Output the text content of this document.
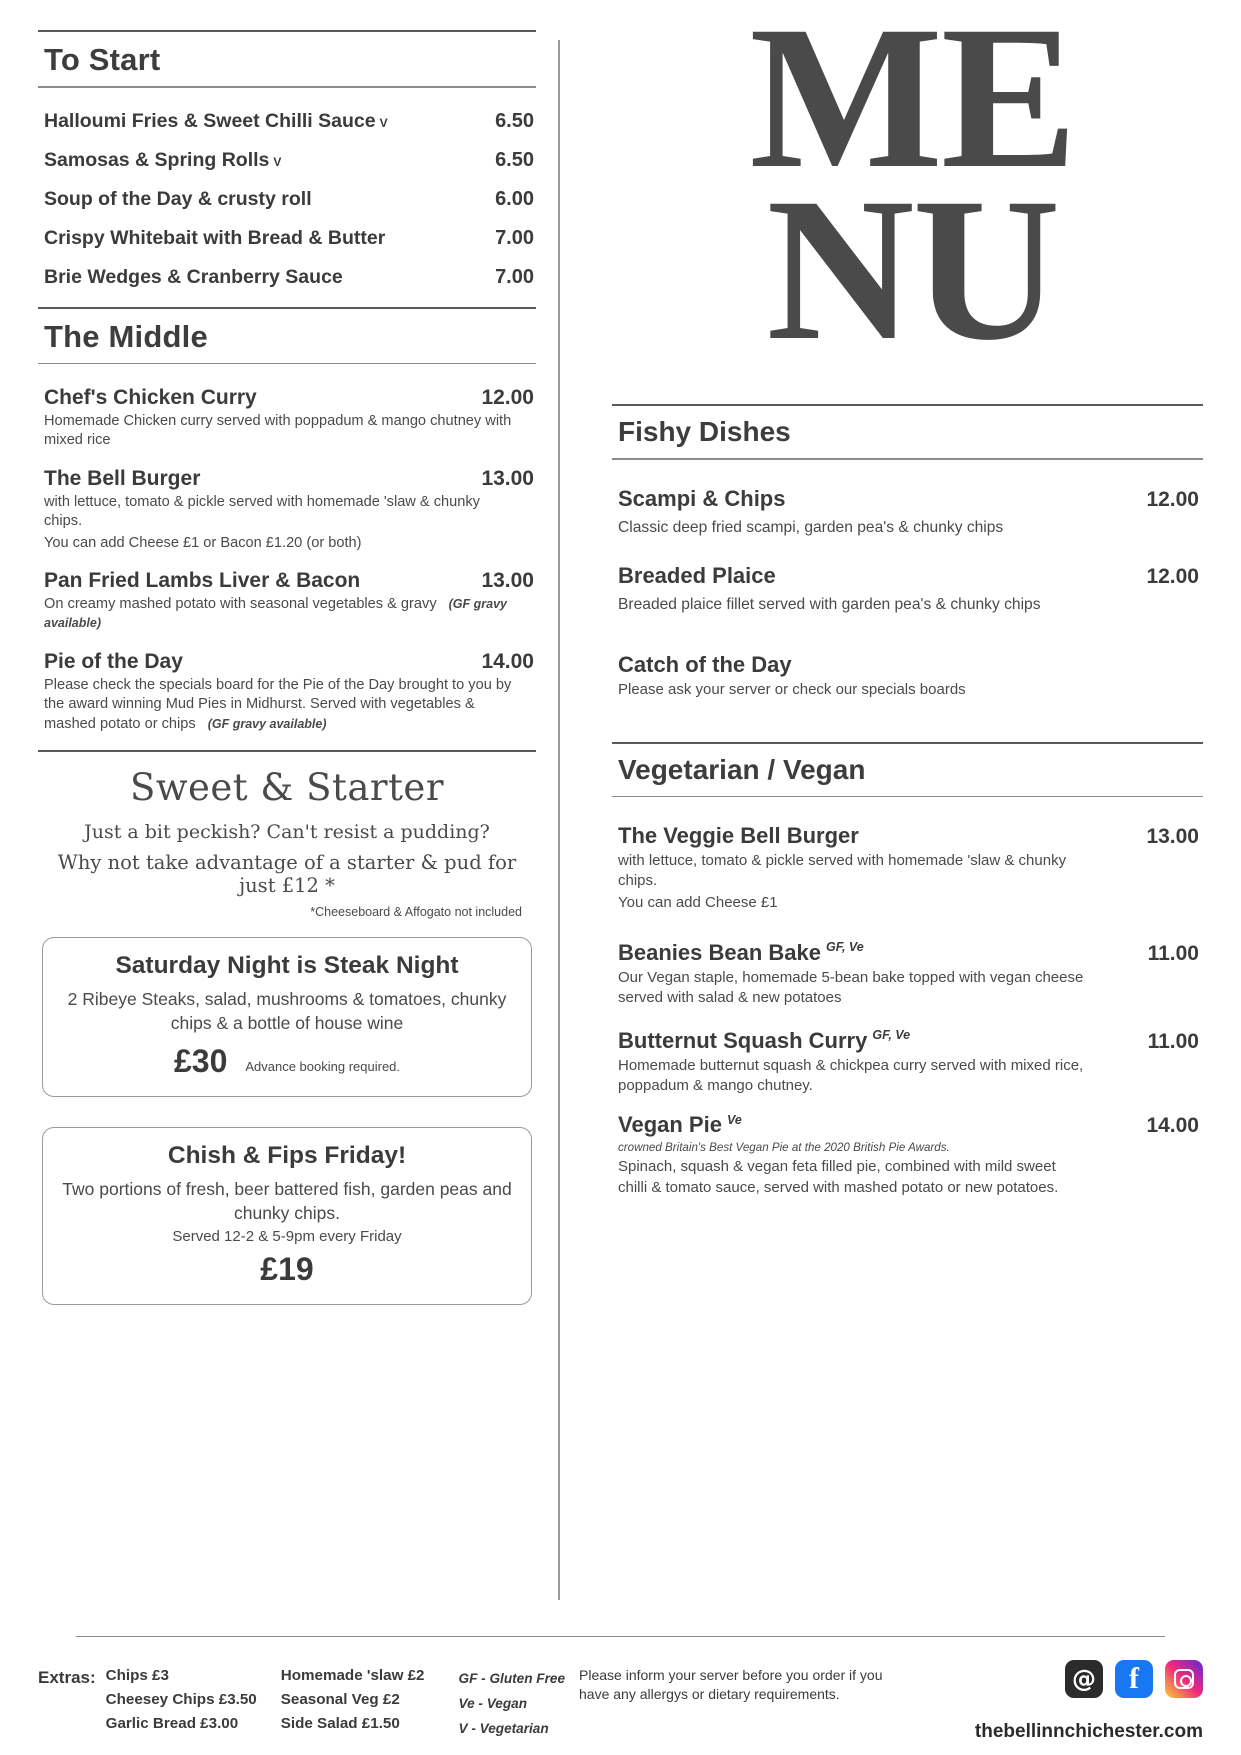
To Start
Halloumi Fries & Sweet Chilli Sauce V	6.50
Samosas & Spring Rolls V	6.50
Soup of the Day & crusty roll	6.00
Crispy Whitebait with Bread & Butter	7.00
Brie Wedges & Cranberry Sauce	7.00
The Middle
Chef's Chicken Curry	12.00
Homemade Chicken curry served with poppadum & mango chutney with mixed rice
The Bell Burger	13.00
with lettuce, tomato & pickle served with homemade 'slaw & chunky chips.
You can add Cheese £1 or Bacon £1.20 (or both)
Pan Fried Lambs Liver & Bacon	13.00
On creamy mashed potato with seasonal vegetables & gravy (GF gravy available)
Pie of the Day	14.00
Please check the specials board for the Pie of the Day brought to you by the award winning Mud Pies in Midhurst. Served with vegetables & mashed potato or chips (GF gravy available)
Sweet & Starter
Just a bit peckish? Can't resist a pudding?
Why not take advantage of a starter & pud for just £12 *
*Cheeseboard & Affogato not included
Saturday Night is Steak Night
2 Ribeye Steaks, salad, mushrooms & tomatoes, chunky chips & a bottle of house wine
£30 Advance booking required.
Chish & Fips Friday!
Two portions of fresh, beer battered fish, garden peas and chunky chips.
Served 12-2 & 5-9pm every Friday
£19
ME
NU
Fishy Dishes
Scampi & Chips	12.00
Classic deep fried scampi, garden pea's & chunky chips
Breaded Plaice	12.00
Breaded plaice fillet served with garden pea's & chunky chips
Catch of the Day
Please ask your server or check our specials boards
Vegetarian / Vegan
The Veggie Bell Burger	13.00
with lettuce, tomato & pickle served with homemade 'slaw & chunky chips.
You can add Cheese £1
Beanies Bean Bake $^{GF, Ve}$	11.00
Our Vegan staple, homemade 5-bean bake topped with vegan cheese served with salad & new potatoes
Butternut Squash Curry $^{GF, Ve}$	11.00
Homemade butternut squash & chickpea curry served with mixed rice, poppadum & mango chutney.
Vegan Pie $^{Ve}$	14.00
crowned Britain's Best Vegan Pie at the 2020 British Pie Awards.
Spinach, squash & vegan feta filled pie, combined with mild sweet chilli & tomato sauce, served with mashed potato or new potatoes.
Extras: Chips £3
Cheesey Chips £3.50
Garlic Bread £3.00
Homemade 'slaw £2
Seasonal Veg £2
Side Salad £1.50
GF - Gluten Free
Ve - Vegan
V - Vegetarian
Please inform your server before you order if you have any allergys or dietary requirements.
@	f
thebellinnchichester.com
